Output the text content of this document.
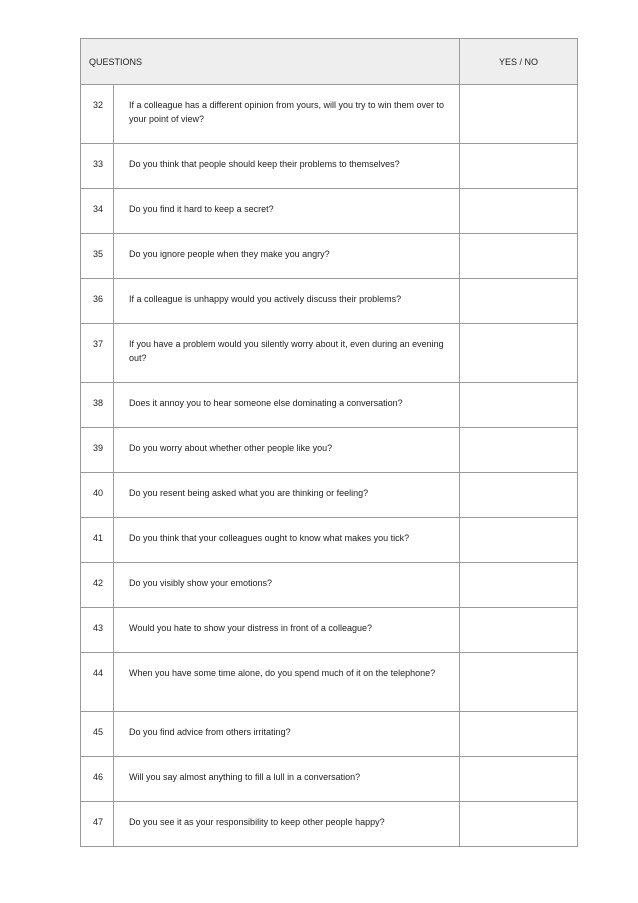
QUESTIONS		YES / NO
32	If a colleague has a different opinion from yours, will you try to win them over to your point of view?	
33	Do you think that people should keep their problems to themselves?	
34	Do you find it hard to keep a secret?	
35	Do you ignore people when they make you angry?	
36	If a colleague is unhappy would you actively discuss their problems?	
37	If you have a problem would you silently worry about it, even during an evening out?	
38	Does it annoy you to hear someone else dominating a conversation?	
39	Do you worry about whether other people like you?	
40	Do you resent being asked what you are thinking or feeling?	
41	Do you think that your colleagues ought to know what makes you tick?	
42	Do you visibly show your emotions?	
43	Would you hate to show your distress in front of a colleague?	
44	When you have some time alone, do you spend much of it on the telephone?	
45	Do you find advice from others irritating?	
46	Will you say almost anything to fill a lull in a conversation?	
47	Do you see it as your responsibility to keep other people happy?	
